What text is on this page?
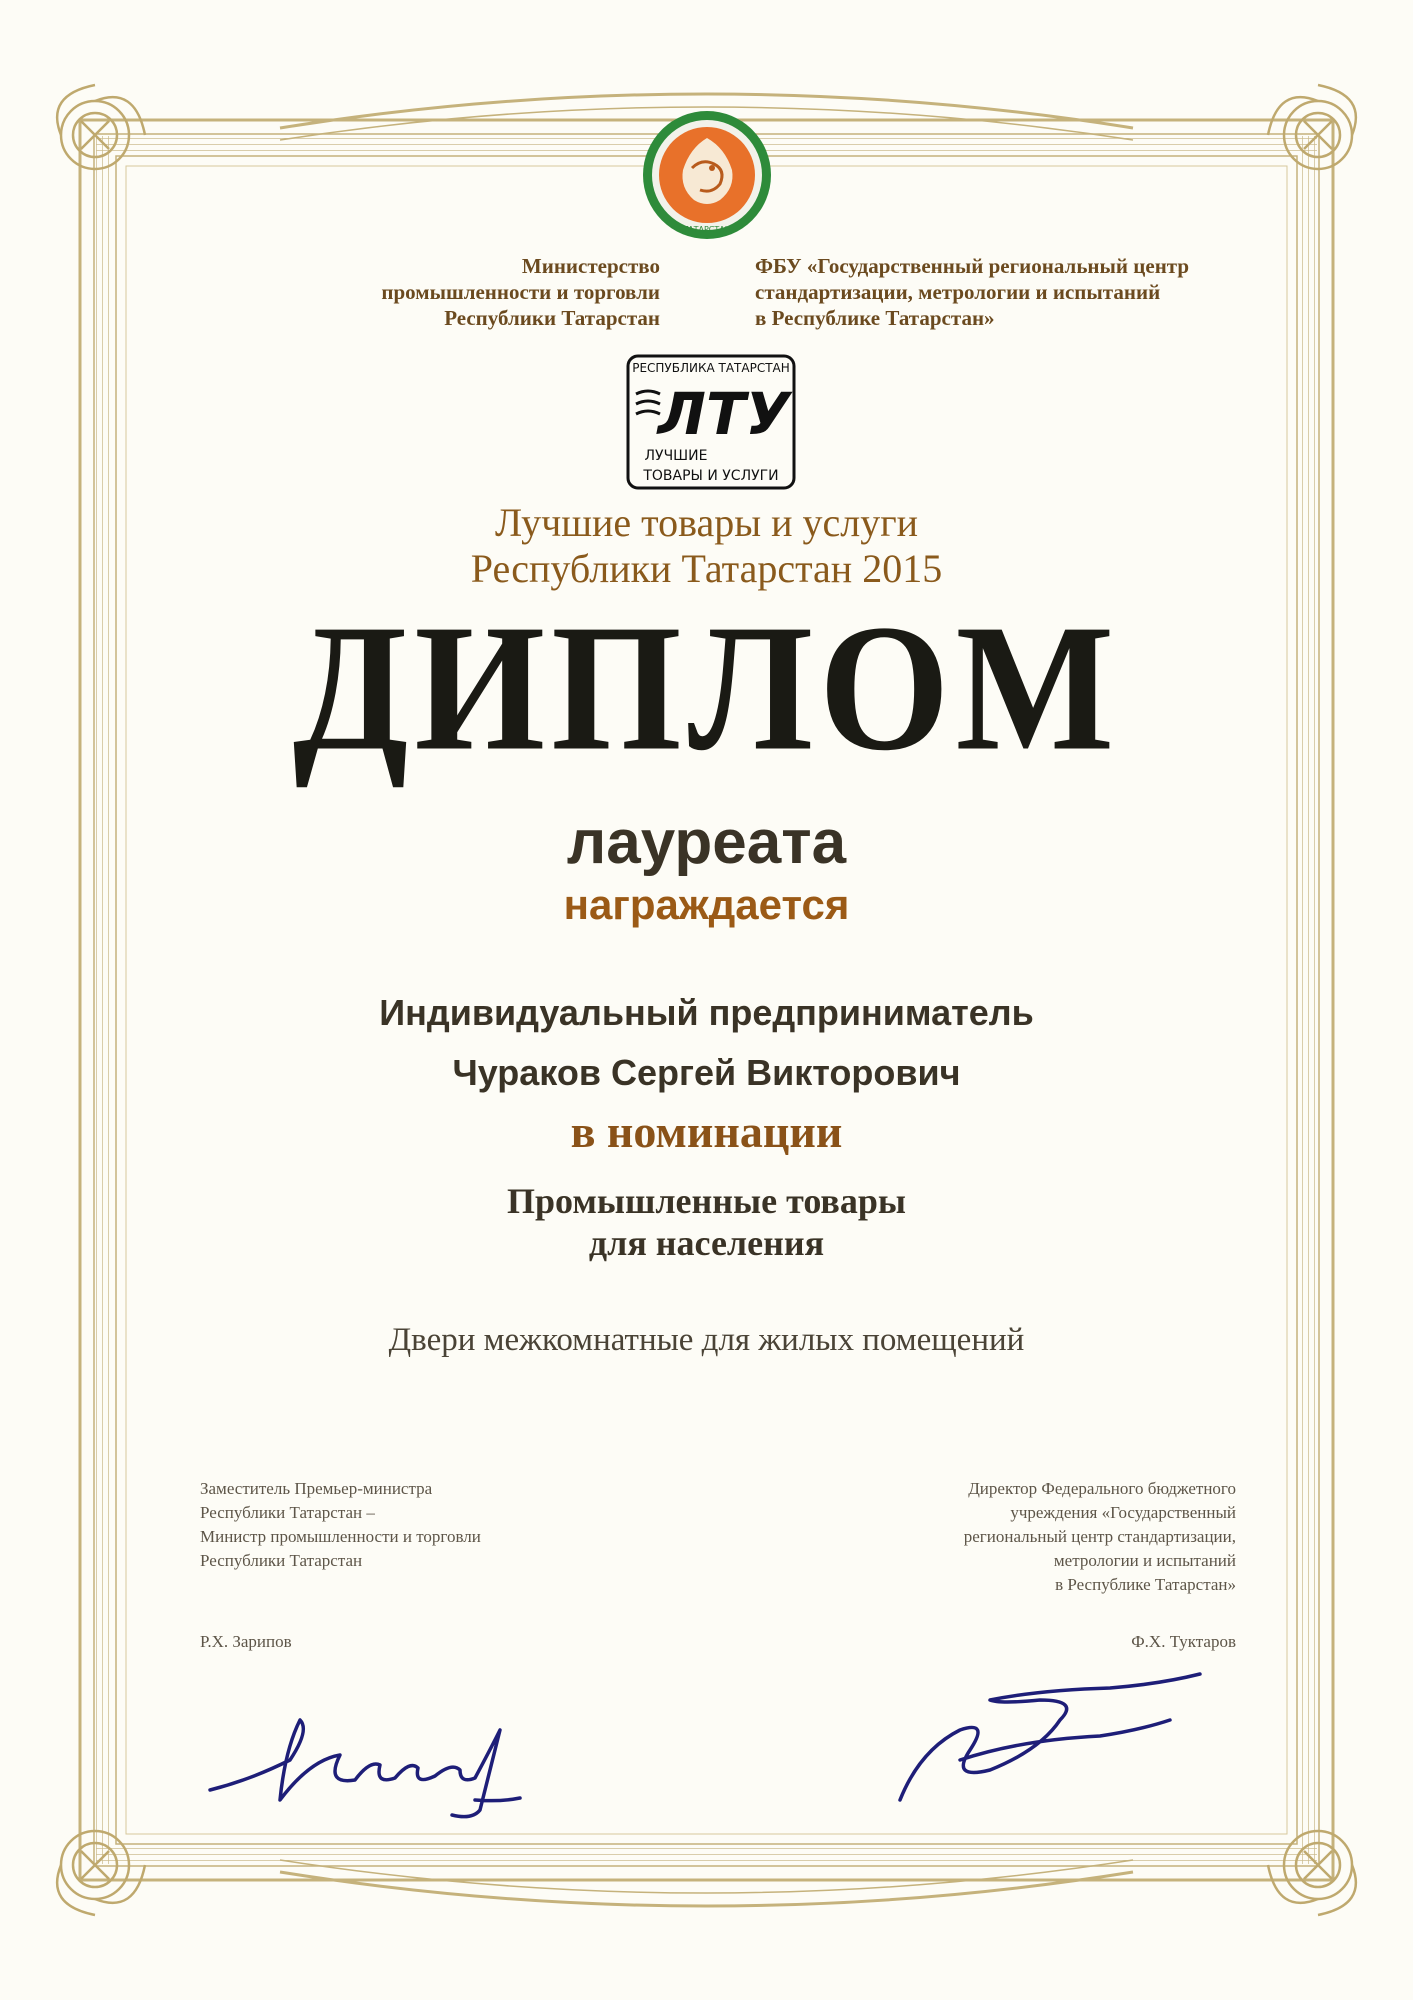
ТАТАРСТАН
Министерство
промышленности и торговли
Республики Татарстан
ФБУ «Государственный региональный центр
стандартизации, метрологии и испытаний
в Республике Татарстан»
РЕСПУБЛИКА ТАТАРСТАН
ЛТУ
ЛУЧШИЕ
ТОВАРЫ И УСЛУГИ
Лучшие товары и услуги
Республики Татарстан 2015
ДИПЛОМ
лауреата
награждается
Индивидуальный предприниматель
Чураков Сергей Викторович
в номинации
Промышленные товары
для населения
Двери межкомнатные для жилых помещений
Заместитель Премьер-министра
Республики Татарстан –
Министр промышленности и торговли
Республики Татарстан
Директор Федерального бюджетного
учреждения «Государственный
региональный центр стандартизации,
метрологии и испытаний
в Республике Татарстан»
Р.Х. Зарипов	Ф.Х. Туктаров
